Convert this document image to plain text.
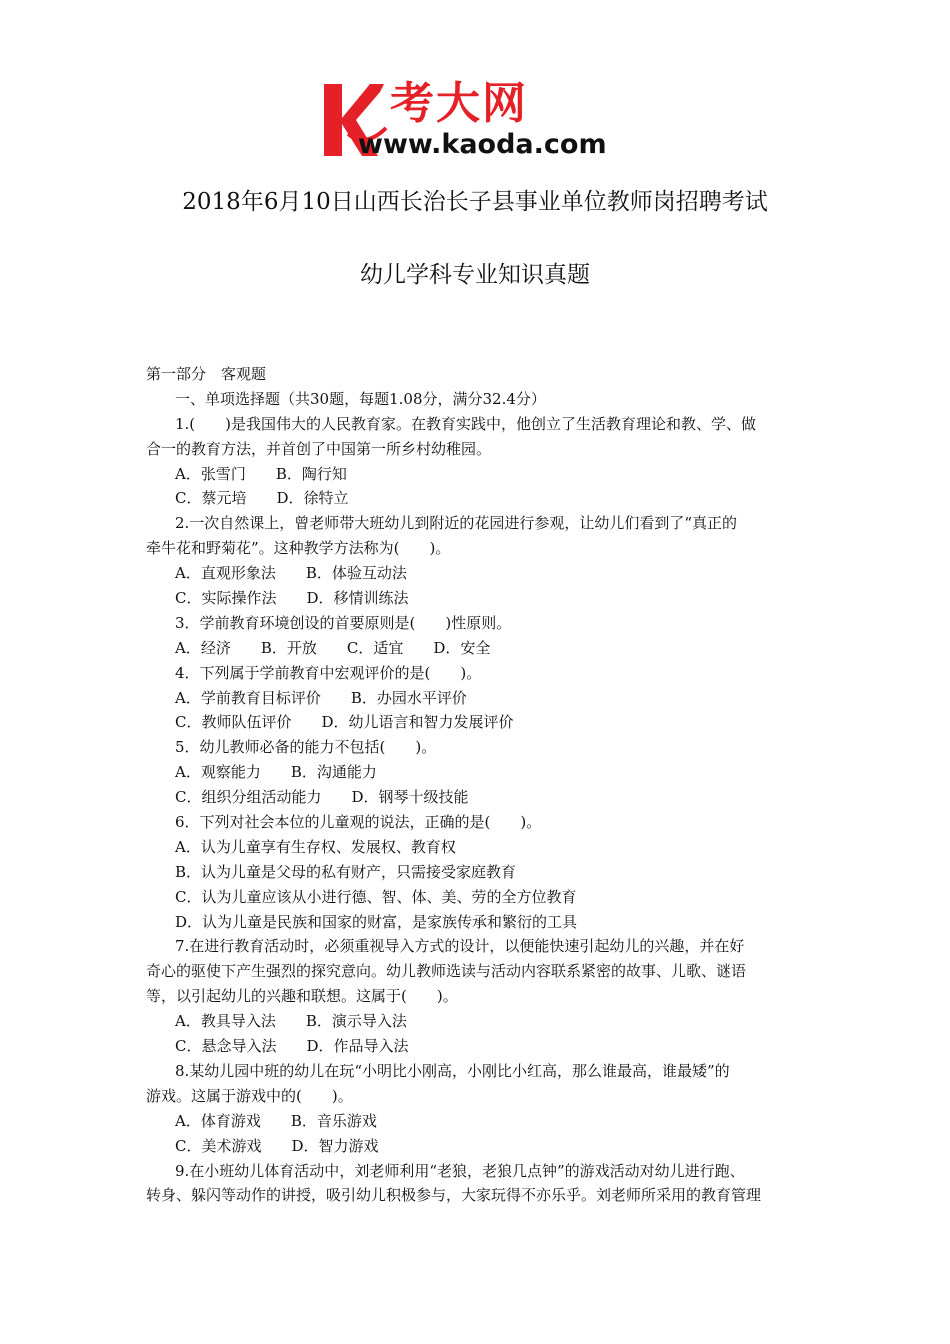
考大网
www.kaoda.com
2018年6月10日山西长治长子县事业单位教师岗招聘考试
幼儿学科专业知识真题
第一部分　客观题
一、单项选择题（共30题，每题1.08分，满分32.4分）
1.(　　)是我国伟大的人民教育家。在教育实践中，他创立了生活教育理论和教、学、做
合一的教育方法，并首创了中国第一所乡村幼稚园。
A．张雪门 B．陶行知
C．蔡元培 D．徐特立
2.一次自然课上，曾老师带大班幼儿到附近的花园进行参观，让幼儿们看到了“真正的
牵牛花和野菊花”。这种教学方法称为(　　)。
A．直观形象法 B．体验互动法
C．实际操作法 D．移情训练法
3．学前教育环境创设的首要原则是(　　)性原则。
A．经济 B．开放 C．适宜 D．安全
4．下列属于学前教育中宏观评价的是(　　)。
A．学前教育目标评价 B．办园水平评价
C．教师队伍评价 D．幼儿语言和智力发展评价
5．幼儿教师必备的能力不包括(　　)。
A．观察能力 B．沟通能力
C．组织分组活动能力 D．钢琴十级技能
6．下列对社会本位的儿童观的说法，正确的是(　　)。
A．认为儿童享有生存权、发展权、教育权
B．认为儿童是父母的私有财产，只需接受家庭教育
C．认为儿童应该从小进行德、智、体、美、劳的全方位教育
D．认为儿童是民族和国家的财富，是家族传承和繁衍的工具
7.在进行教育活动时，必须重视导入方式的设计，以便能快速引起幼儿的兴趣，并在好
奇心的驱使下产生强烈的探究意向。幼儿教师选读与活动内容联系紧密的故事、儿歌、谜语
等，以引起幼儿的兴趣和联想。这属于(　　)。
A．教具导入法 B．演示导入法
C．悬念导入法 D．作品导入法
8.某幼儿园中班的幼儿在玩“小明比小刚高，小刚比小红高，那么谁最高，谁最矮”的
游戏。这属于游戏中的(　　)。
A．体育游戏 B．音乐游戏
C．美术游戏 D．智力游戏
9.在小班幼儿体育活动中，刘老师利用“老狼，老狼几点钟”的游戏活动对幼儿进行跑、
转身、躲闪等动作的讲授，吸引幼儿积极参与，大家玩得不亦乐乎。刘老师所采用的教育管理
